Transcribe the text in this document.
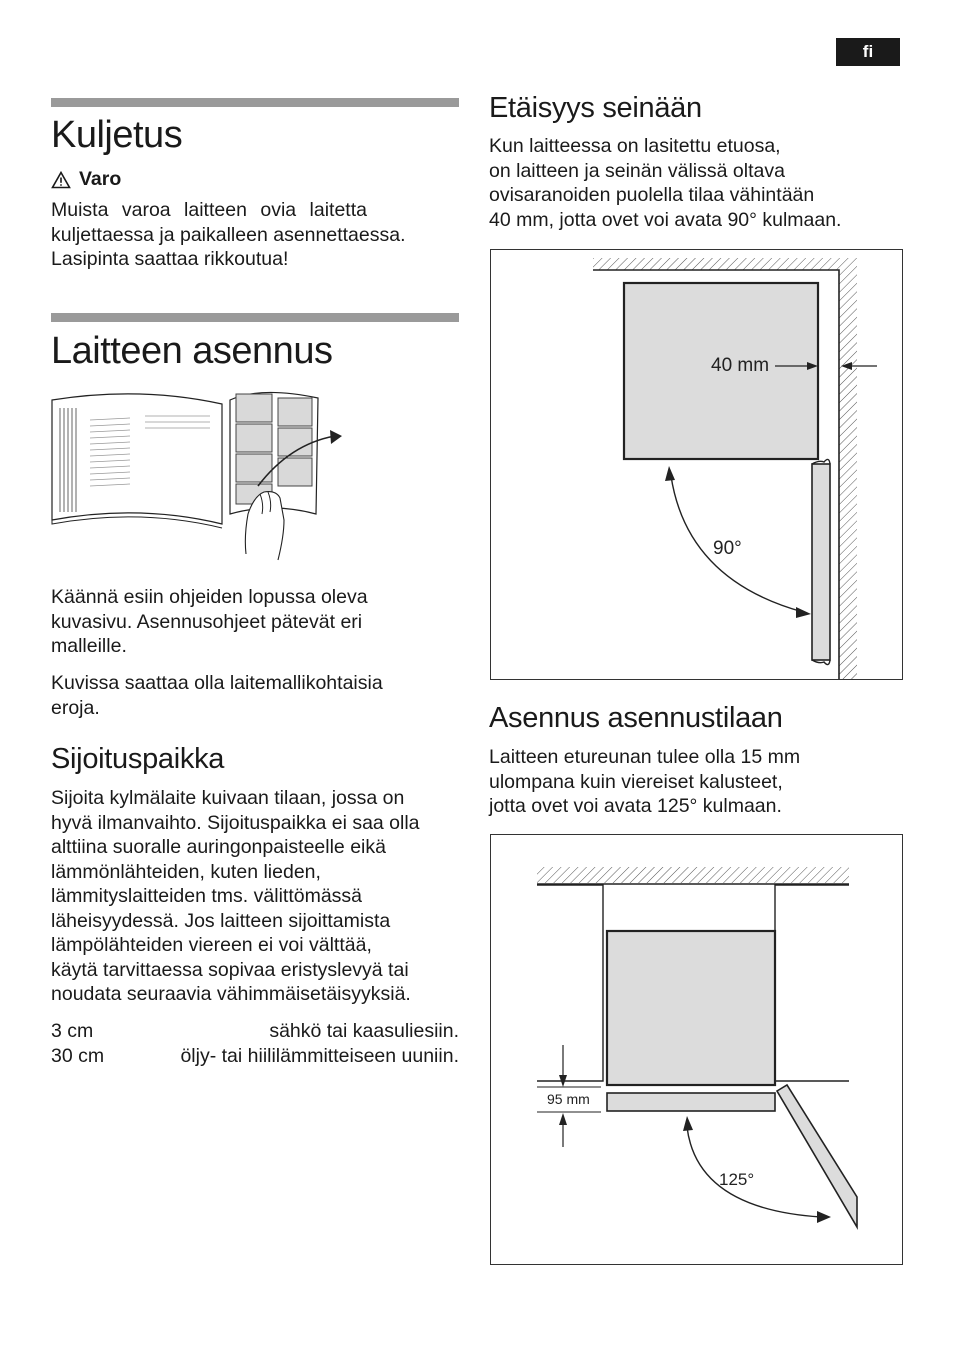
fi
Kuljetus
Varo
Muista varoa laitteen ovia laitetta
kuljettaessa ja paikalleen asennettaessa.
Lasipinta saattaa rikkoutua!
Laitteen asennus
Käännä esiin ohjeiden lopussa oleva
kuvasivu. Asennusohjeet pätevät eri
malleille.
Kuvissa saattaa olla laitemallikohtaisia
eroja.
Sijoituspaikka
Sijoita kylmälaite kuivaan tilaan, jossa on
hyvä ilmanvaihto. Sijoituspaikka ei saa olla
alttiina suoralle auringonpaisteelle eikä
lämmönlähteiden, kuten lieden,
lämmityslaitteiden tms. välittömässä
läheisyydessä. Jos laitteen sijoittamista
lämpölähteiden viereen ei voi välttää,
käytä tarvittaessa sopivaa eristyslevyä tai
noudata seuraavia vähimmäisetäisyyksiä.
3 cm	sähkö tai kaasuliesiin.
30 cm	öljy- tai hiililämmitteiseen uuniin.
Etäisyys seinään
Kun laitteessa on lasitettu etuosa,
on laitteen ja seinän välissä oltava
ovisaranoiden puolella tilaa vähintään
40 mm, jotta ovet voi avata 90° kulmaan.
40 mm
90°
Asennus asennustilaan
Laitteen etureunan tulee olla 15 mm
ulompana kuin viereiset kalusteet,
jotta ovet voi avata 125° kulmaan.
95 mm
125°
